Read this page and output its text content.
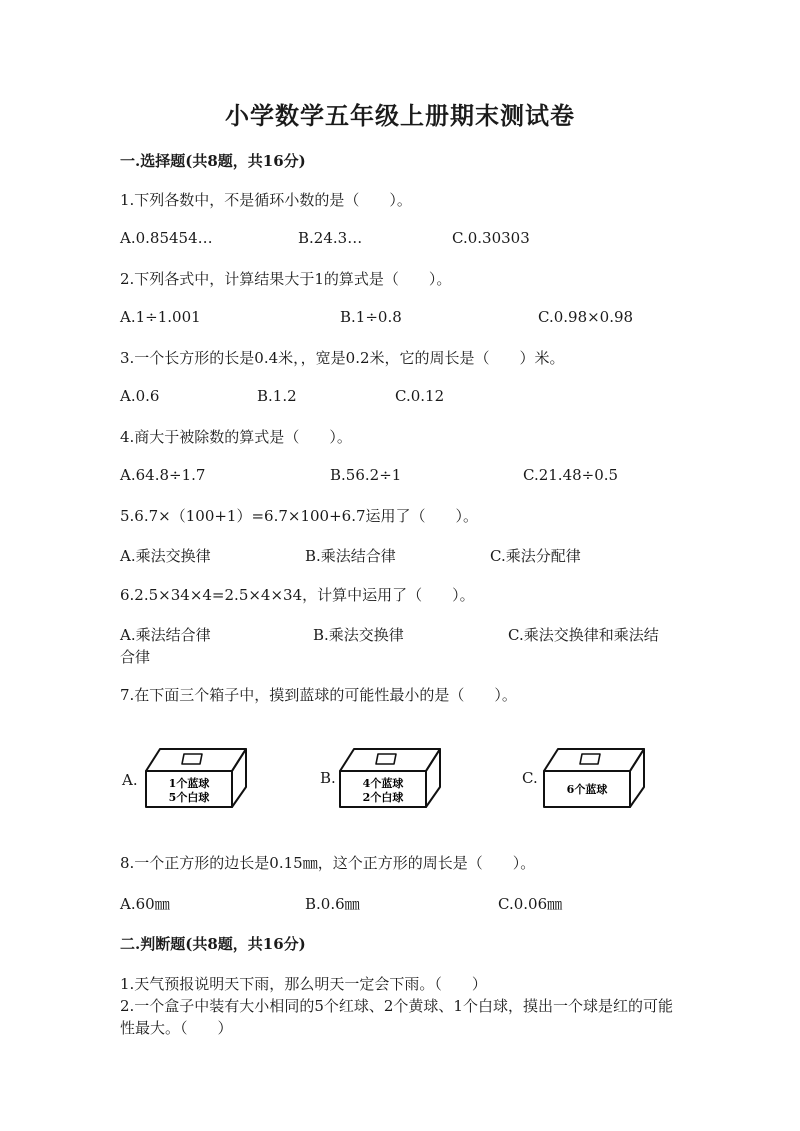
小学数学五年级上册期末测试卷
一.选择题(共8题，共16分)
1.下列各数中，不是循环小数的是（　　）。
A.0.85454…	B.24.3…	C.0.30303
2.下列各式中，计算结果大于1的算式是（　　）。
A.1÷1.001	B.1÷0.8	C.0.98×0.98
3.一个长方形的长是0.4米，，宽是0.2米，它的周长是（　　）米。
A.0.6	B.1.2	C.0.12
4.商大于被除数的算式是（　　）。
A.64.8÷1.7	B.56.2÷1	C.21.48÷0.5
5.6.7×（100+1）=6.7×100+6.7运用了（　　）。
A.乘法交换律	B.乘法结合律	C.乘法分配律
6.2.5×34×4=2.5×4×34，计算中运用了（　　）。
A.乘法结合律	B.乘法交换律	C.乘法交换律和乘法结
合律
7.在下面三个箱子中，摸到蓝球的可能性最小的是（　　）。
A.	1个蓝球
5个白球
B. 4个蓝球
2个白球
C.
6个蓝球
8.一个正方形的边长是0.15㎜，这个正方形的周长是（　　）。
A.60㎜	B.0.6㎜	C.0.06㎜
二.判断题(共8题，共16分)
1.天气预报说明天下雨，那么明天一定会下雨。（　　）
2.一个盒子中装有大小相同的5个红球、2个黄球、1个白球，摸出一个球是红的可能性最大。（　　）
